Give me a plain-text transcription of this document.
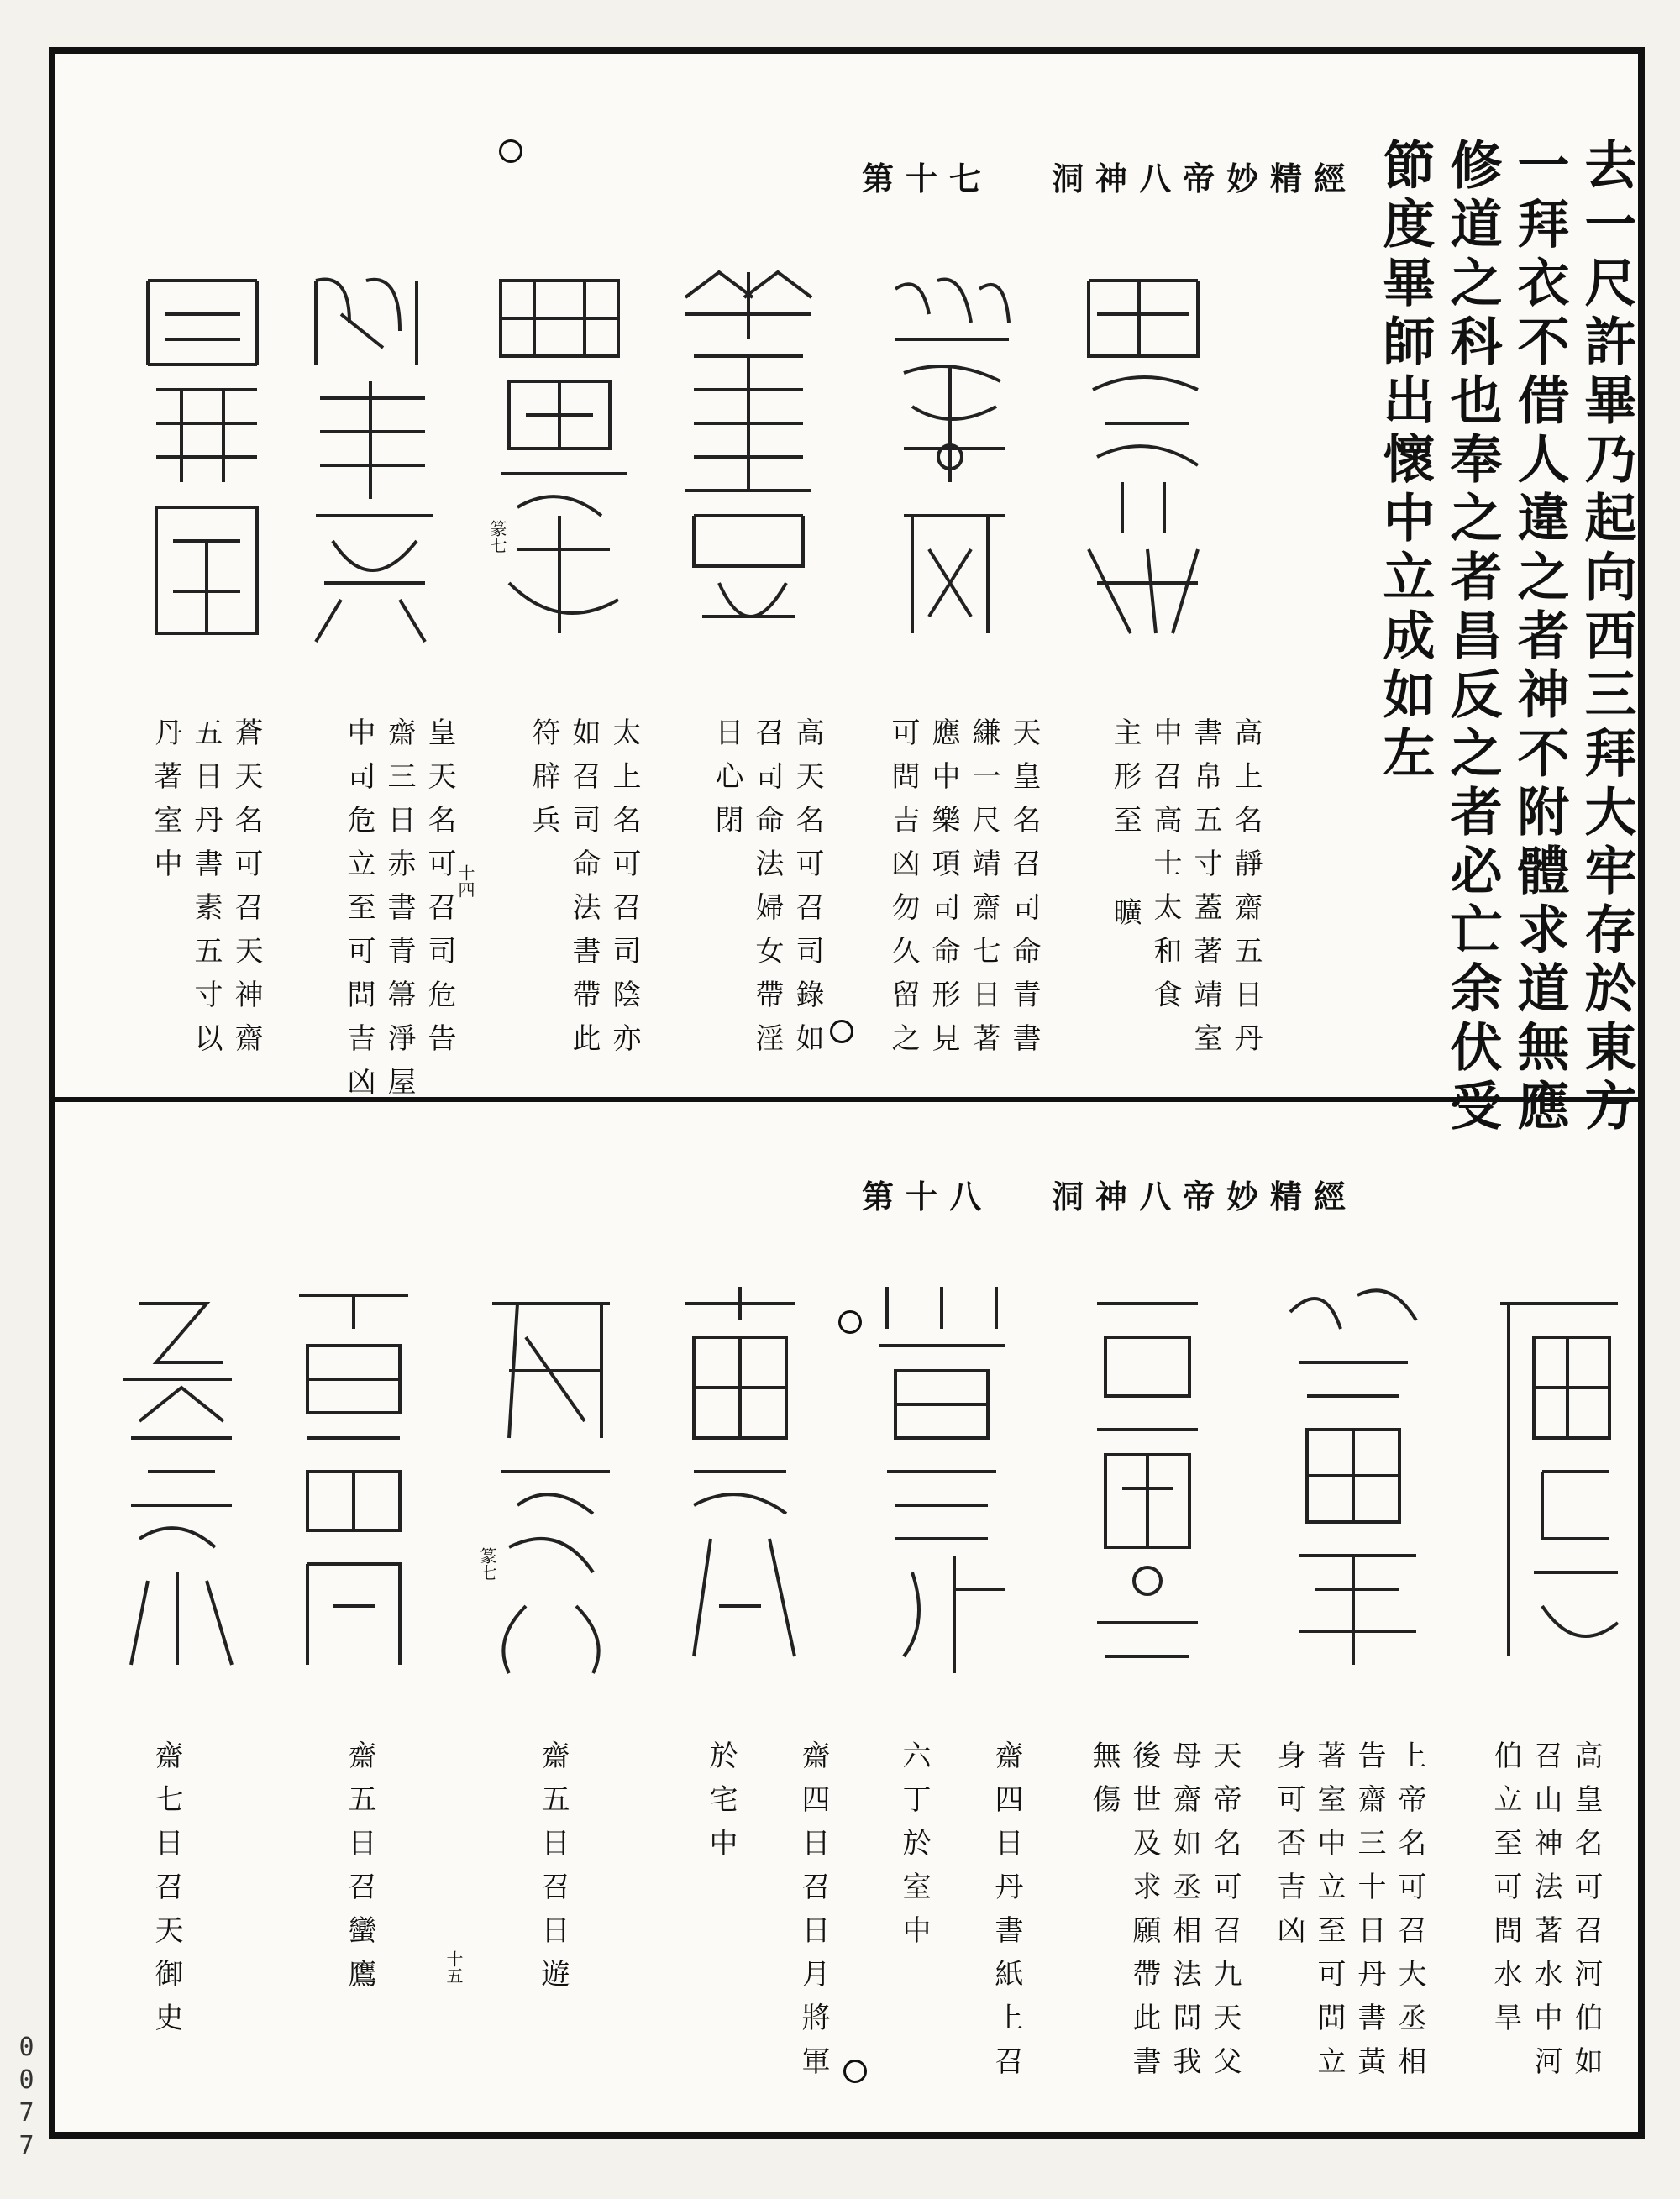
洞神八帝妙精經
第十七	去一尺許畢乃起向西三拜大牢存於東方
一拜衣不借人違之者神不附體求道無應
修道之科也奉之者昌反之者必亡余伏受
節度畢師出懷中立成如左
篆七
高上名靜齋五日丹
書帛五寸蓋著靖室
中召高士太和食
主形至 曠
天皇名召司命青書
縑一尺靖齋七日著
應中樂項司命形見
可問吉凶勿久留之
高天名可召司錄如
召司命法婦女帶淫
日心閉
太上名可召司陰亦
如召司命法書帶此
符辟兵
皇天名可召司危告
齋三日赤書青箒淨屋
中司危立至可問吉凶
蒼天名可召天神齋
五日丹書素五寸以
丹著室中	十四
洞神八帝妙精經
第十八
篆七
高皇名可召河伯如
召山神法著水中河
伯立至可問水旱
上帝名可召大丞相
告齋三十日丹書黃
著室中立至可問立
身可否吉凶
天帝名可召九天父
母齋如丞相法問我
後世及求願帶此書
無傷
齋四日丹書紙上召
六丁於室中
齋四日召日月將軍
於宅中
齋五日召日遊
齋五日召蠻鷹
齋七日召天御史	十五
0077
